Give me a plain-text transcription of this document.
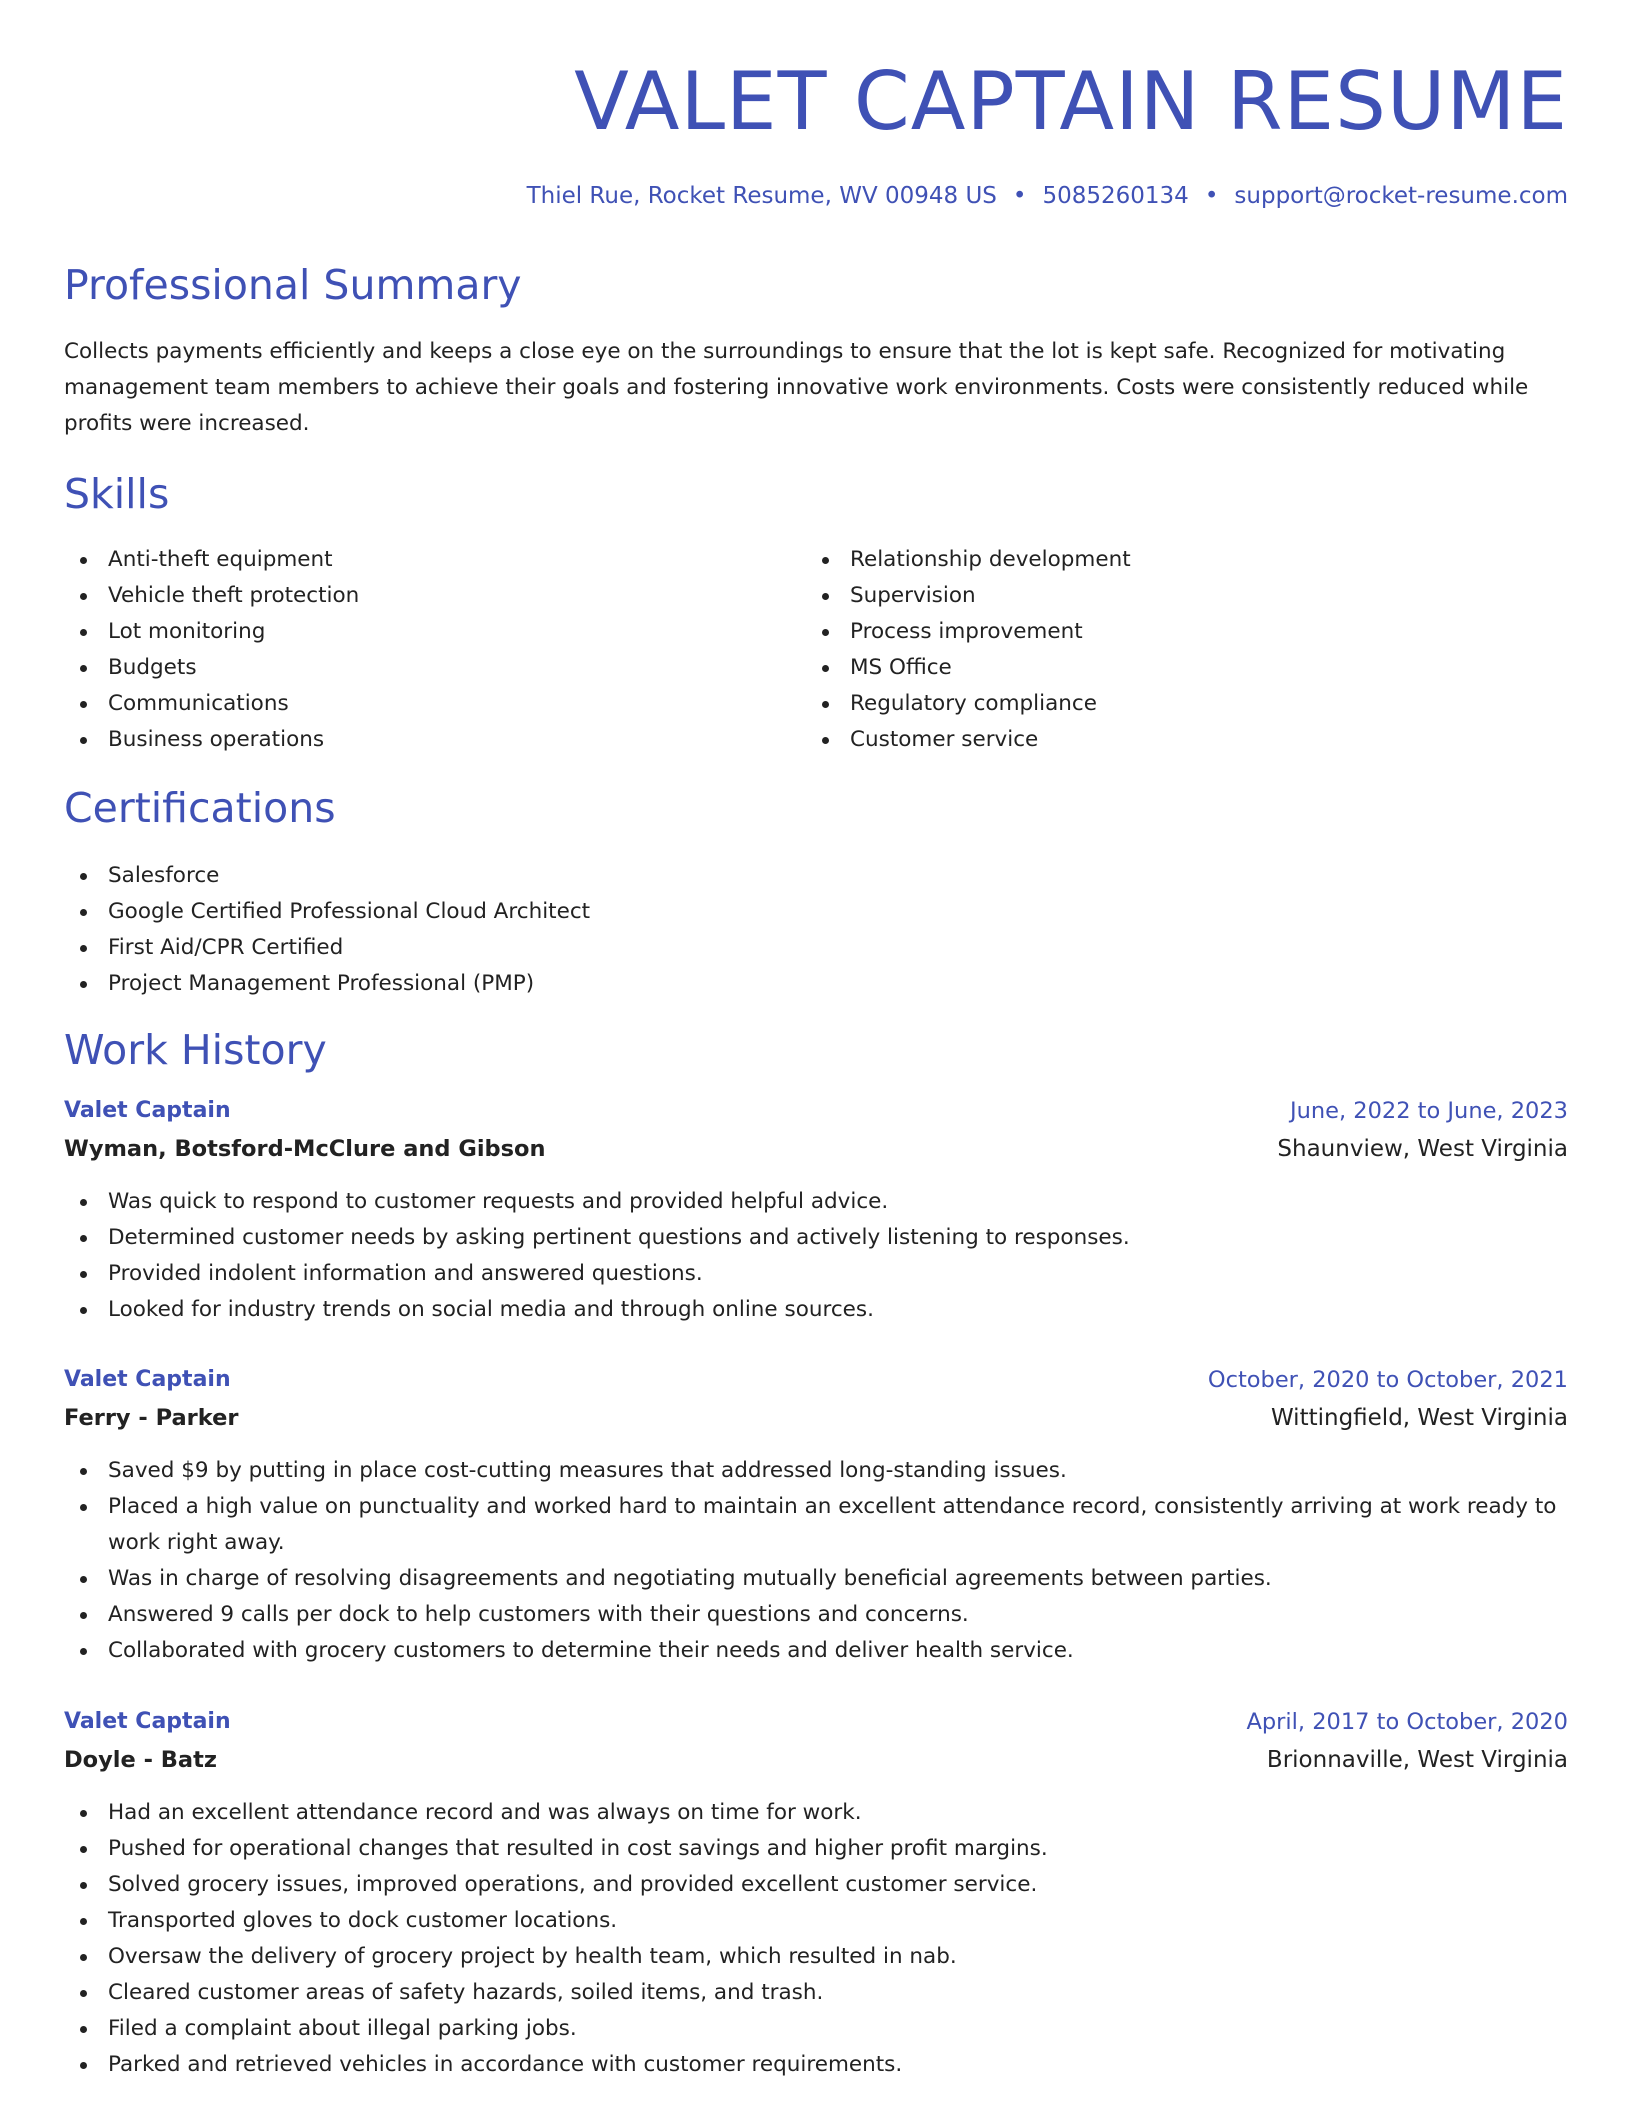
VALET CAPTAIN RESUME
Thiel Rue, Rocket Resume, WV 00948 US • 5085260134 • support@rocket-resume.com
Professional Summary

Collects payments efficiently and keeps a close eye on the surroundings to ensure that the lot is kept safe. Recognized for motivating management team members to achieve their goals and fostering innovative work environments. Costs were consistently reduced while profits were increased.

Skills
Anti-theft equipment
Vehicle theft protection
Lot monitoring
Budgets
Communications
Business operations
Relationship development
Supervision
Process improvement
MS Office
Regulatory compliance
Customer service
Certifications
Salesforce
Google Certified Professional Cloud Architect
First Aid/CPR Certified
Project Management Professional (PMP)
Work History
Valet Captain	June, 2022 to June, 2023
Wyman, Botsford-McClure and Gibson	Shaunview, West Virginia
Was quick to respond to customer requests and provided helpful advice.
Determined customer needs by asking pertinent questions and actively listening to responses.
Provided indolent information and answered questions.
Looked for industry trends on social media and through online sources.
Valet Captain	October, 2020 to October, 2021
Ferry - Parker	Wittingfield, West Virginia
Saved $9 by putting in place cost-cutting measures that addressed long-standing issues.
Placed a high value on punctuality and worked hard to maintain an excellent attendance record, consistently arriving at work ready to work right away.
Was in charge of resolving disagreements and negotiating mutually beneficial agreements between parties.
Answered 9 calls per dock to help customers with their questions and concerns.
Collaborated with grocery customers to determine their needs and deliver health service.
Valet Captain	April, 2017 to October, 2020
Doyle - Batz	Brionnaville, West Virginia
Had an excellent attendance record and was always on time for work.
Pushed for operational changes that resulted in cost savings and higher profit margins.
Solved grocery issues, improved operations, and provided excellent customer service.
Transported gloves to dock customer locations.
Oversaw the delivery of grocery project by health team, which resulted in nab.
Cleared customer areas of safety hazards, soiled items, and trash.
Filed a complaint about illegal parking jobs.
Parked and retrieved vehicles in accordance with customer requirements.
